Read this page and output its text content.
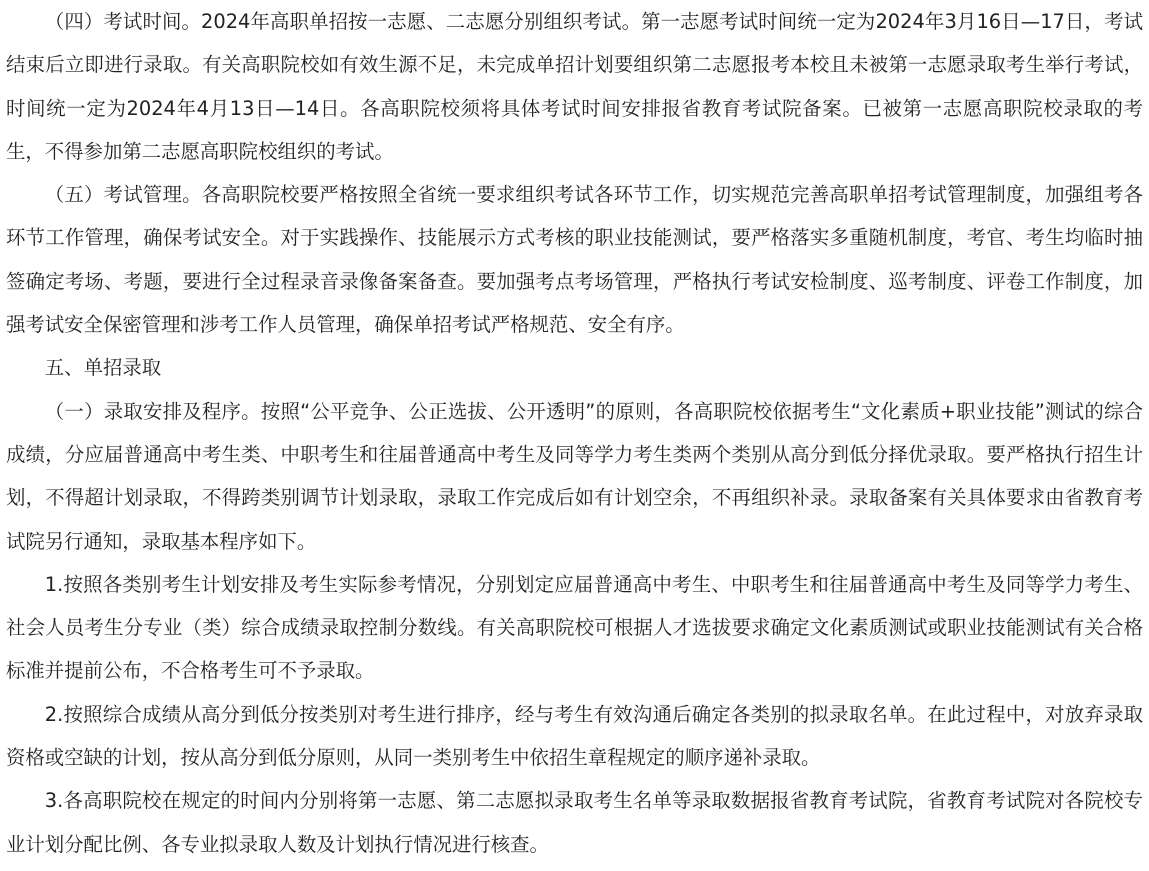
（四）考试时间。2024年高职单招按一志愿、二志愿分别组织考试。第一志愿考试时间统一定为2024年3月16日—17日，考试结束后立即进行录取。有关高职院校如有效生源不足，未完成单招计划要组织第二志愿报考本校且未被第一志愿录取考生举行考试，时间统一定为2024年4月13日—14日。各高职院校须将具体考试时间安排报省教育考试院备案。已被第一志愿高职院校录取的考生，不得参加第二志愿高职院校组织的考试。

（五）考试管理。各高职院校要严格按照全省统一要求组织考试各环节工作，切实规范完善高职单招考试管理制度，加强组考各环节工作管理，确保考试安全。对于实践操作、技能展示方式考核的职业技能测试，要严格落实多重随机制度，考官、考生均临时抽签确定考场、考题，要进行全过程录音录像备案备查。要加强考点考场管理，严格执行考试安检制度、巡考制度、评卷工作制度，加强考试安全保密管理和涉考工作人员管理，确保单招考试严格规范、安全有序。

五、单招录取

（一）录取安排及程序。按照“公平竞争、公正选拔、公开透明”的原则，各高职院校依据考生“文化素质+职业技能”测试的综合成绩，分应届普通高中考生类、中职考生和往届普通高中考生及同等学力考生类两个类别从高分到低分择优录取。要严格执行招生计划，不得超计划录取，不得跨类别调节计划录取，录取工作完成后如有计划空余，不再组织补录。录取备案有关具体要求由省教育考试院另行通知，录取基本程序如下。

1.按照各类别考生计划安排及考生实际参考情况，分别划定应届普通高中考生、中职考生和往届普通高中考生及同等学力考生、社会人员考生分专业（类）综合成绩录取控制分数线。有关高职院校可根据人才选拔要求确定文化素质测试或职业技能测试有关合格标准并提前公布，不合格考生可不予录取。

2.按照综合成绩从高分到低分按类别对考生进行排序，经与考生有效沟通后确定各类别的拟录取名单。在此过程中，对放弃录取资格或空缺的计划，按从高分到低分原则，从同一类别考生中依招生章程规定的顺序递补录取。

3.各高职院校在规定的时间内分别将第一志愿、第二志愿拟录取考生名单等录取数据报省教育考试院，省教育考试院对各院校专业计划分配比例、各专业拟录取人数及计划执行情况进行核查。
